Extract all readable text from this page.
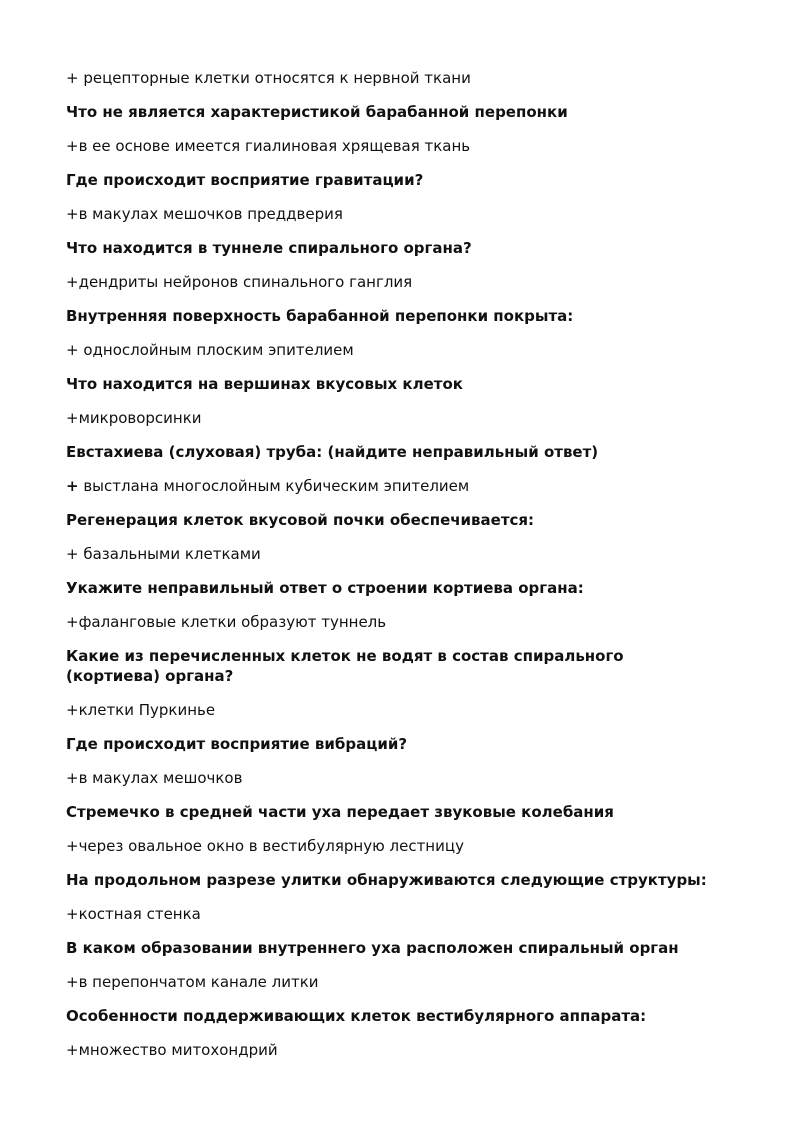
+ рецепторные клетки относятся к нервной ткани

Что не является характеристикой барабанной перепонки

+в ее основе имеется гиалиновая хрящевая ткань

Где происходит восприятие гравитации?

+в макулах мешочков преддверия

Что находится в туннеле спирального органа?

+дендриты нейронов спинального ганглия

Внутренняя поверхность барабанной перепонки покрыта:

+ однослойным плоским эпителием

Что находится на вершинах вкусовых клеток

+микроворсинки

Евстахиева (слуховая) труба: (найдите неправильный ответ)

+ выстлана многослойным кубическим эпителием

Регенерация клеток вкусовой почки обеспечивается:

+ базальными клетками

Укажите неправильный ответ о строении кортиева органа:

+фаланговые клетки образуют туннель

Какие из перечисленных клеток не водят в состав спирального (кортиева) органа?

+клетки Пуркинье

Где происходит восприятие вибраций?

+в макулах мешочков

Стремечко в средней части уха передает звуковые колебания

+через овальное окно в вестибулярную лестницу

На продольном разрезе улитки обнаруживаются следующие структуры:

+костная стенка

В каком образовании внутреннего уха расположен спиральный орган

+в перепончатом канале литки

Особенности поддерживающих клеток вестибулярного аппарата:

+множество митохондрий
